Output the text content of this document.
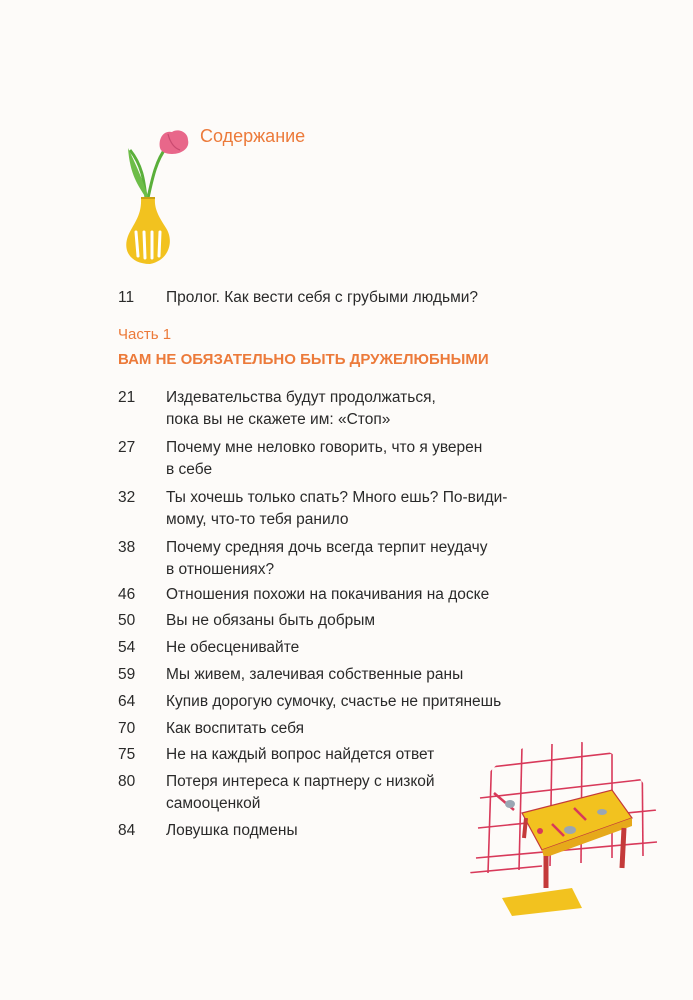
Содержание
11	Пролог. Как вести себя с грубыми людьми?
Часть 1
ВАМ НЕ ОБЯЗАТЕЛЬНО БЫТЬ ДРУЖЕЛЮБНЫМИ
21	Издевательства будут продолжаться,
пока вы не скажете им: «Стоп»
27	Почему мне неловко говорить, что я уверен
в себе
32	Ты хочешь только спать? Много ешь? По-види-
мому, что-то тебя ранило
38	Почему средняя дочь всегда терпит неудачу
в отношениях?
46	Отношения похожи на покачивания на доске
50	Вы не обязаны быть добрым
54	Не обесценивайте
59	Мы живем, залечивая собственные раны
64	Купив дорогую сумочку, счастье не притянешь
70	Как воспитать себя
75	Не на каждый вопрос найдется ответ
80	Потеря интереса к партнеру с низкой
самооценкой
84	Ловушка подмены
